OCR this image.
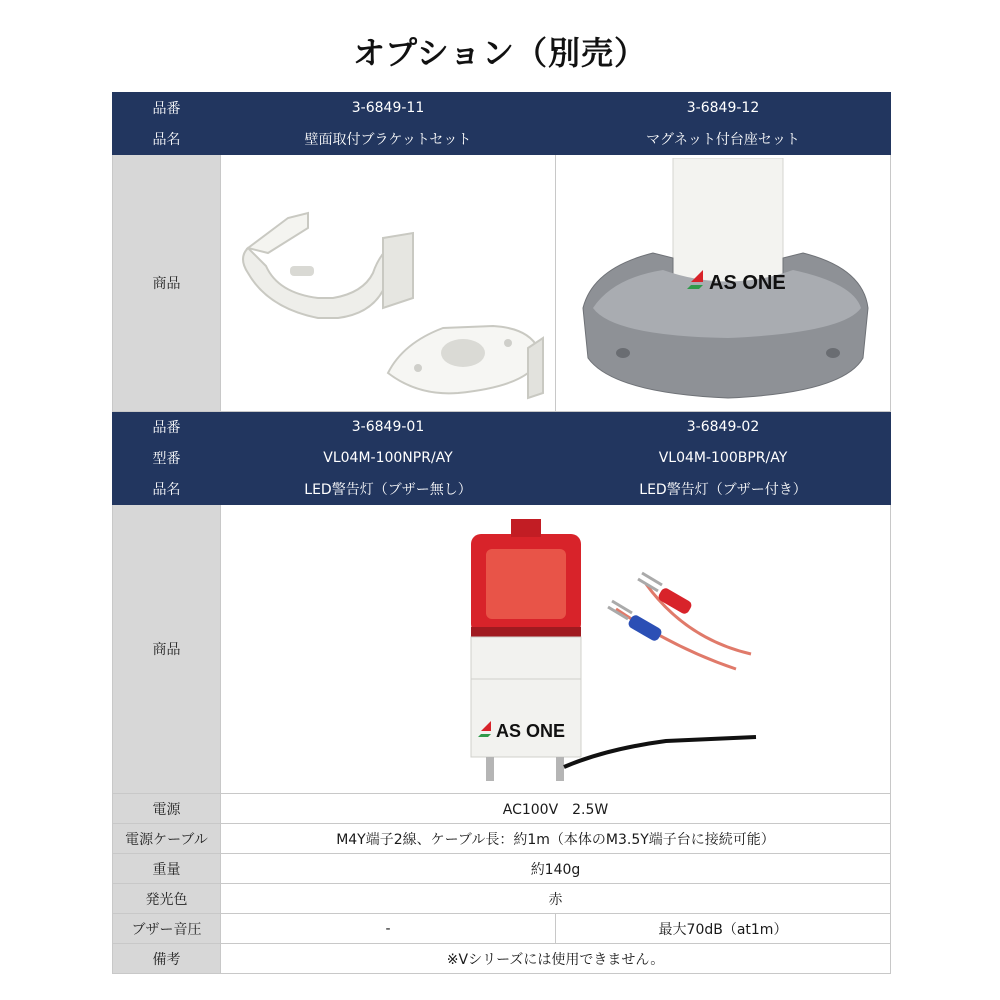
オプション（別売）
品番	3-6849-11	3-6849-12
品名	壁面取付ブラケットセット	マグネット付台座セット
商品		AS ONE

品番	3-6849-01	3-6849-02
型番	VL04M-100NPR/AY	VL04M-100BPR/AY
品名	LED警告灯（ブザー無し）	LED警告灯（ブザー付き）
商品	AS ONE	

電源	AC100V　2.5W	
電源ケーブル	M4Y端子2線、ケーブル長：約1m（本体のM3.5Y端子台に接続可能）	
重量	約140g	
発光色	赤	
ブザー音圧	-	最大70dB（at1m）
備考	※Vシリーズには使用できません。	
